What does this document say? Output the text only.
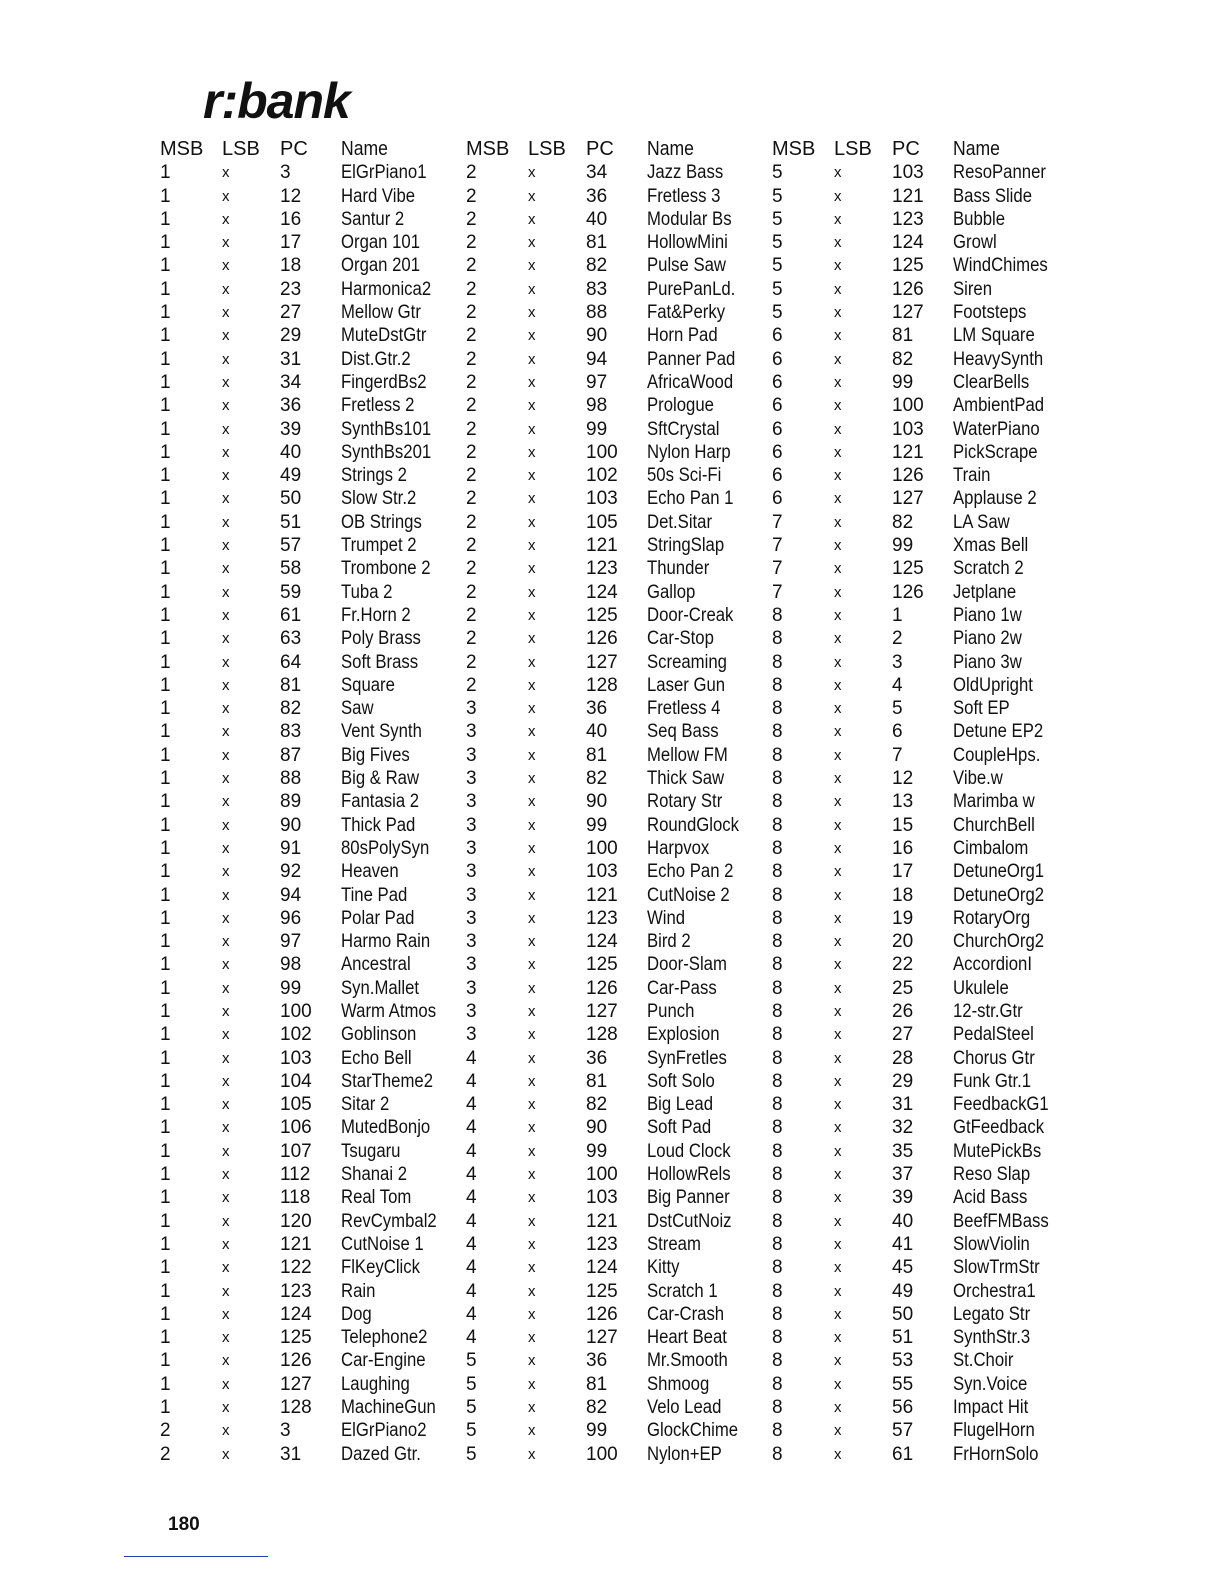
r:bank
MSB LSB PC Name
1	x	3	ElGrPiano1
1	x	12 Hard Vibe
1	x	16 Santur 2
1	x	17 Organ 101
1	x	18 Organ 201
1	x	23 Harmonica2
1	x	27 Mellow Gtr
1	x	29 MuteDstGtr
1	x	31 Dist.Gtr.2
1	x	34 FingerdBs2
1	x	36 Fretless 2
1	x	39 SynthBs101
1	x	40 SynthBs201
1	x	49 Strings 2
1	x	50 Slow Str.2
1	x	51 OB Strings
1	x	57 Trumpet 2
1	x	58 Trombone 2
1	x	59 Tuba 2
1	x	61 Fr.Horn 2
1	x	63 Poly Brass
1	x	64 Soft Brass
1	x	81 Square
1	x	82 Saw
1	x	83 Vent Synth
1	x	87 Big Fives
1	x	88 Big & Raw
1	x	89 Fantasia 2
1	x	90 Thick Pad
1	x	91 80sPolySyn
1	x	92 Heaven
1	x	94 Tine Pad
1	x	96 Polar Pad
1	x	97 Harmo Rain
1	x	98 Ancestral
1	x	99 Syn.Mallet
1	x	100 Warm Atmos
1	x	102 Goblinson
1	x	103 Echo Bell
1	x	104 StarTheme2
1	x	105 Sitar 2
1	x	106 MutedBonjo
1	x	107 Tsugaru
1	x	112 Shanai 2
1	x	118 Real Tom
1	x	120 RevCymbal2
1	x	121 CutNoise 1
1	x	122 FlKeyClick
1	x	123 Rain
1	x	124 Dog
1	x	125 Telephone2
1	x	126 Car-Engine
1	x	127 Laughing
1	x	128 MachineGun
2	x	3	ElGrPiano2
2	x	31 Dazed Gtr.
MSB LSB PC Name
2	x	34 Jazz Bass
2	x	36 Fretless 3
2	x	40 Modular Bs
2	x	81 HollowMini
2	x	82 Pulse Saw
2	x	83 PurePanLd.
2	x	88 Fat&Perky
2	x	90 Horn Pad
2	x	94 Panner Pad
2	x	97 AfricaWood
2	x	98 Prologue
2	x	99 SftCrystal
2	x	100 Nylon Harp
2	x	102 50s Sci-Fi
2	x	103 Echo Pan 1
2	x	105 Det.Sitar
2	x	121 StringSlap
2	x	123 Thunder
2	x	124 Gallop
2	x	125 Door-Creak
2	x	126 Car-Stop
2	x	127 Screaming
2	x	128 Laser Gun
3	x	36 Fretless 4
3	x	40 Seq Bass
3	x	81 Mellow FM
3	x	82 Thick Saw
3	x	90 Rotary Str
3	x	99 RoundGlock
3	x	100 Harpvox
3	x	103 Echo Pan 2
3	x	121 CutNoise 2
3	x	123 Wind
3	x	124 Bird 2
3	x	125 Door-Slam
3	x	126 Car-Pass
3	x	127 Punch
3	x	128 Explosion
4	x	36 SynFretles
4	x	81 Soft Solo
4	x	82 Big Lead
4	x	90 Soft Pad
4	x	99 Loud Clock
4	x	100 HollowRels
4	x	103 Big Panner
4	x	121 DstCutNoiz
4	x	123 Stream
4	x	124 Kitty
4	x	125 Scratch 1
4	x	126 Car-Crash
4	x	127 Heart Beat
5	x	36 Mr.Smooth
5	x	81 Shmoog
5	x	82 Velo Lead
5	x	99 GlockChime
5	x	100 Nylon+EP
MSB LSB PC Name
5	x	103 ResoPanner
5	x	121 Bass Slide
5	x	123 Bubble
5	x	124 Growl
5	x	125 WindChimes
5	x	126 Siren
5	x	127 Footsteps
6	x	81 LM Square
6	x	82 HeavySynth
6	x	99 ClearBells
6	x	100 AmbientPad
6	x	103 WaterPiano
6	x	121 PickScrape
6	x	126 Train
6	x	127 Applause 2
7	x	82 LA Saw
7	x	99 Xmas Bell
7	x	125 Scratch 2
7	x	126 Jetplane
8	x	1	Piano 1w
8	x	2	Piano 2w
8	x	3	Piano 3w
8	x	4	OldUpright
8	x	5	Soft EP
8	x	6	Detune EP2
8	x	7	CoupleHps.
8	x	12 Vibe.w
8	x	13 Marimba w
8	x	15 ChurchBell
8	x	16 Cimbalom
8	x	17 DetuneOrg1
8	x	18 DetuneOrg2
8	x	19 RotaryOrg
8	x	20 ChurchOrg2
8	x	22 AccordionI
8	x	25 Ukulele
8	x	26 12-str.Gtr
8	x	27 PedalSteel
8	x	28 Chorus Gtr
8	x	29 Funk Gtr.1
8	x	31 FeedbackG1
8	x	32 GtFeedback
8	x	35 MutePickBs
8	x	37 Reso Slap
8	x	39 Acid Bass
8	x	40 BeefFMBass
8	x	41 SlowViolin
8	x	45 SlowTrmStr
8	x	49 Orchestra1
8	x	50 Legato Str
8	x	51 SynthStr.3
8	x	53 St.Choir
8	x	55 Syn.Voice
8	x	56 Impact Hit
8	x	57 FlugelHorn
8	x	61 FrHornSolo
180
